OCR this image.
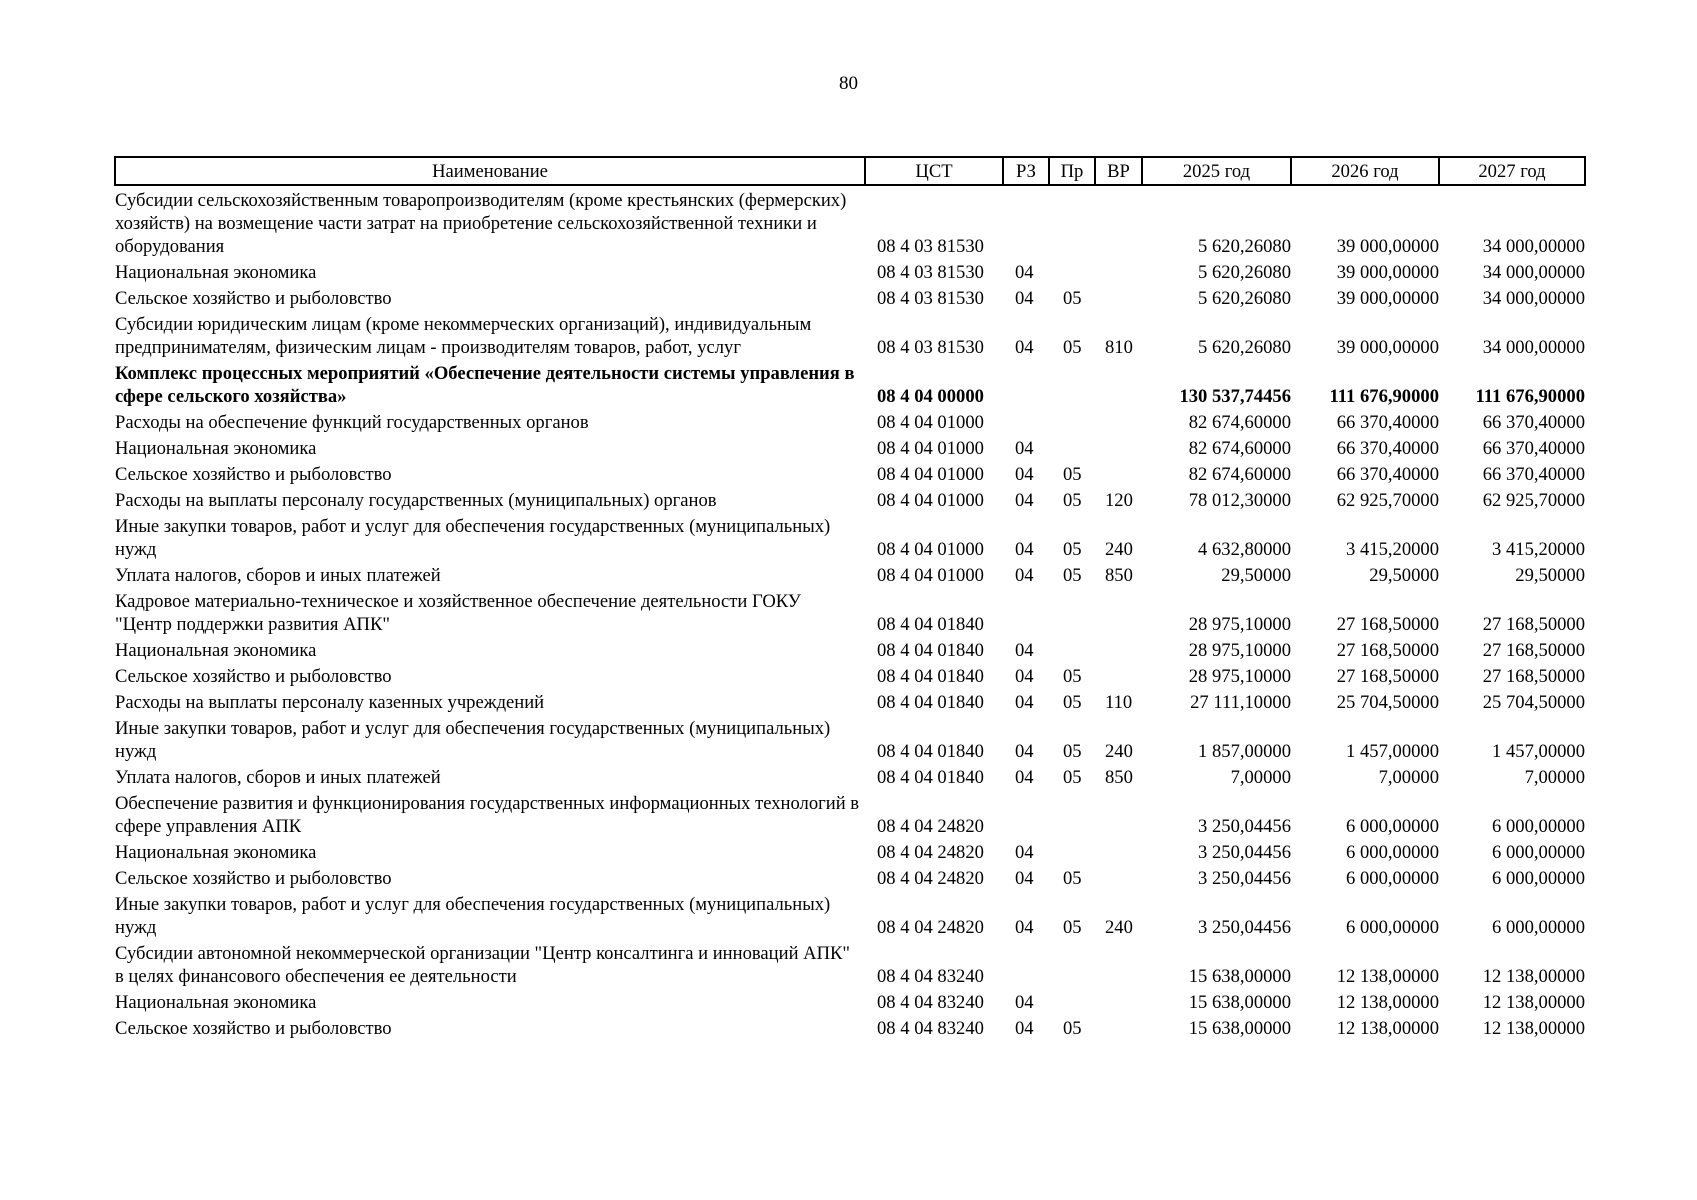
80
Наименование	ЦСТ	РЗ	Пр	ВР	2025 год	2026 год	2027 год
Субсидии сельскохозяйственным товаропроизводителям (кроме крестьянских (фермерских) хозяйств) на возмещение части затрат на приобретение сельскохозяйственной техники и оборудования	08 4 03 81530				5 620,26080	39 000,00000	34 000,00000
Национальная экономика	08 4 03 81530	04			5 620,26080	39 000,00000	34 000,00000
Сельское хозяйство и рыболовство	08 4 03 81530	04	05		5 620,26080	39 000,00000	34 000,00000
Субсидии юридическим лицам (кроме некоммерческих организаций), индивидуальным предпринимателям, физическим лицам - производителям товаров, работ, услуг	08 4 03 81530	04	05	810	5 620,26080	39 000,00000	34 000,00000
Комплекс процессных мероприятий «Обеспечение деятельности системы управления в сфере сельского хозяйства»	08 4 04 00000				130 537,74456	111 676,90000	111 676,90000
Расходы на обеспечение функций государственных органов	08 4 04 01000				82 674,60000	66 370,40000	66 370,40000
Национальная экономика	08 4 04 01000	04			82 674,60000	66 370,40000	66 370,40000
Сельское хозяйство и рыболовство	08 4 04 01000	04	05		82 674,60000	66 370,40000	66 370,40000
Расходы на выплаты персоналу государственных (муниципальных) органов	08 4 04 01000	04	05	120	78 012,30000	62 925,70000	62 925,70000
Иные закупки товаров, работ и услуг для обеспечения государственных (муниципальных) нужд	08 4 04 01000	04	05	240	4 632,80000	3 415,20000	3 415,20000
Уплата налогов, сборов и иных платежей	08 4 04 01000	04	05	850	29,50000	29,50000	29,50000
Кадровое материально-техническое и хозяйственное обеспечение деятельности ГОКУ "Центр поддержки развития АПК"	08 4 04 01840				28 975,10000	27 168,50000	27 168,50000
Национальная экономика	08 4 04 01840	04			28 975,10000	27 168,50000	27 168,50000
Сельское хозяйство и рыболовство	08 4 04 01840	04	05		28 975,10000	27 168,50000	27 168,50000
Расходы на выплаты персоналу казенных учреждений	08 4 04 01840	04	05	110	27 111,10000	25 704,50000	25 704,50000
Иные закупки товаров, работ и услуг для обеспечения государственных (муниципальных) нужд	08 4 04 01840	04	05	240	1 857,00000	1 457,00000	1 457,00000
Уплата налогов, сборов и иных платежей	08 4 04 01840	04	05	850	7,00000	7,00000	7,00000
Обеспечение развития и функционирования государственных информационных технологий в сфере управления АПК	08 4 04 24820				3 250,04456	6 000,00000	6 000,00000
Национальная экономика	08 4 04 24820	04			3 250,04456	6 000,00000	6 000,00000
Сельское хозяйство и рыболовство	08 4 04 24820	04	05		3 250,04456	6 000,00000	6 000,00000
Иные закупки товаров, работ и услуг для обеспечения государственных (муниципальных) нужд	08 4 04 24820	04	05	240	3 250,04456	6 000,00000	6 000,00000
Субсидии автономной некоммерческой организации "Центр консалтинга и инноваций АПК" в целях финансового обеспечения ее деятельности	08 4 04 83240				15 638,00000	12 138,00000	12 138,00000
Национальная экономика	08 4 04 83240	04			15 638,00000	12 138,00000	12 138,00000
Сельское хозяйство и рыболовство	08 4 04 83240	04	05		15 638,00000	12 138,00000	12 138,00000
